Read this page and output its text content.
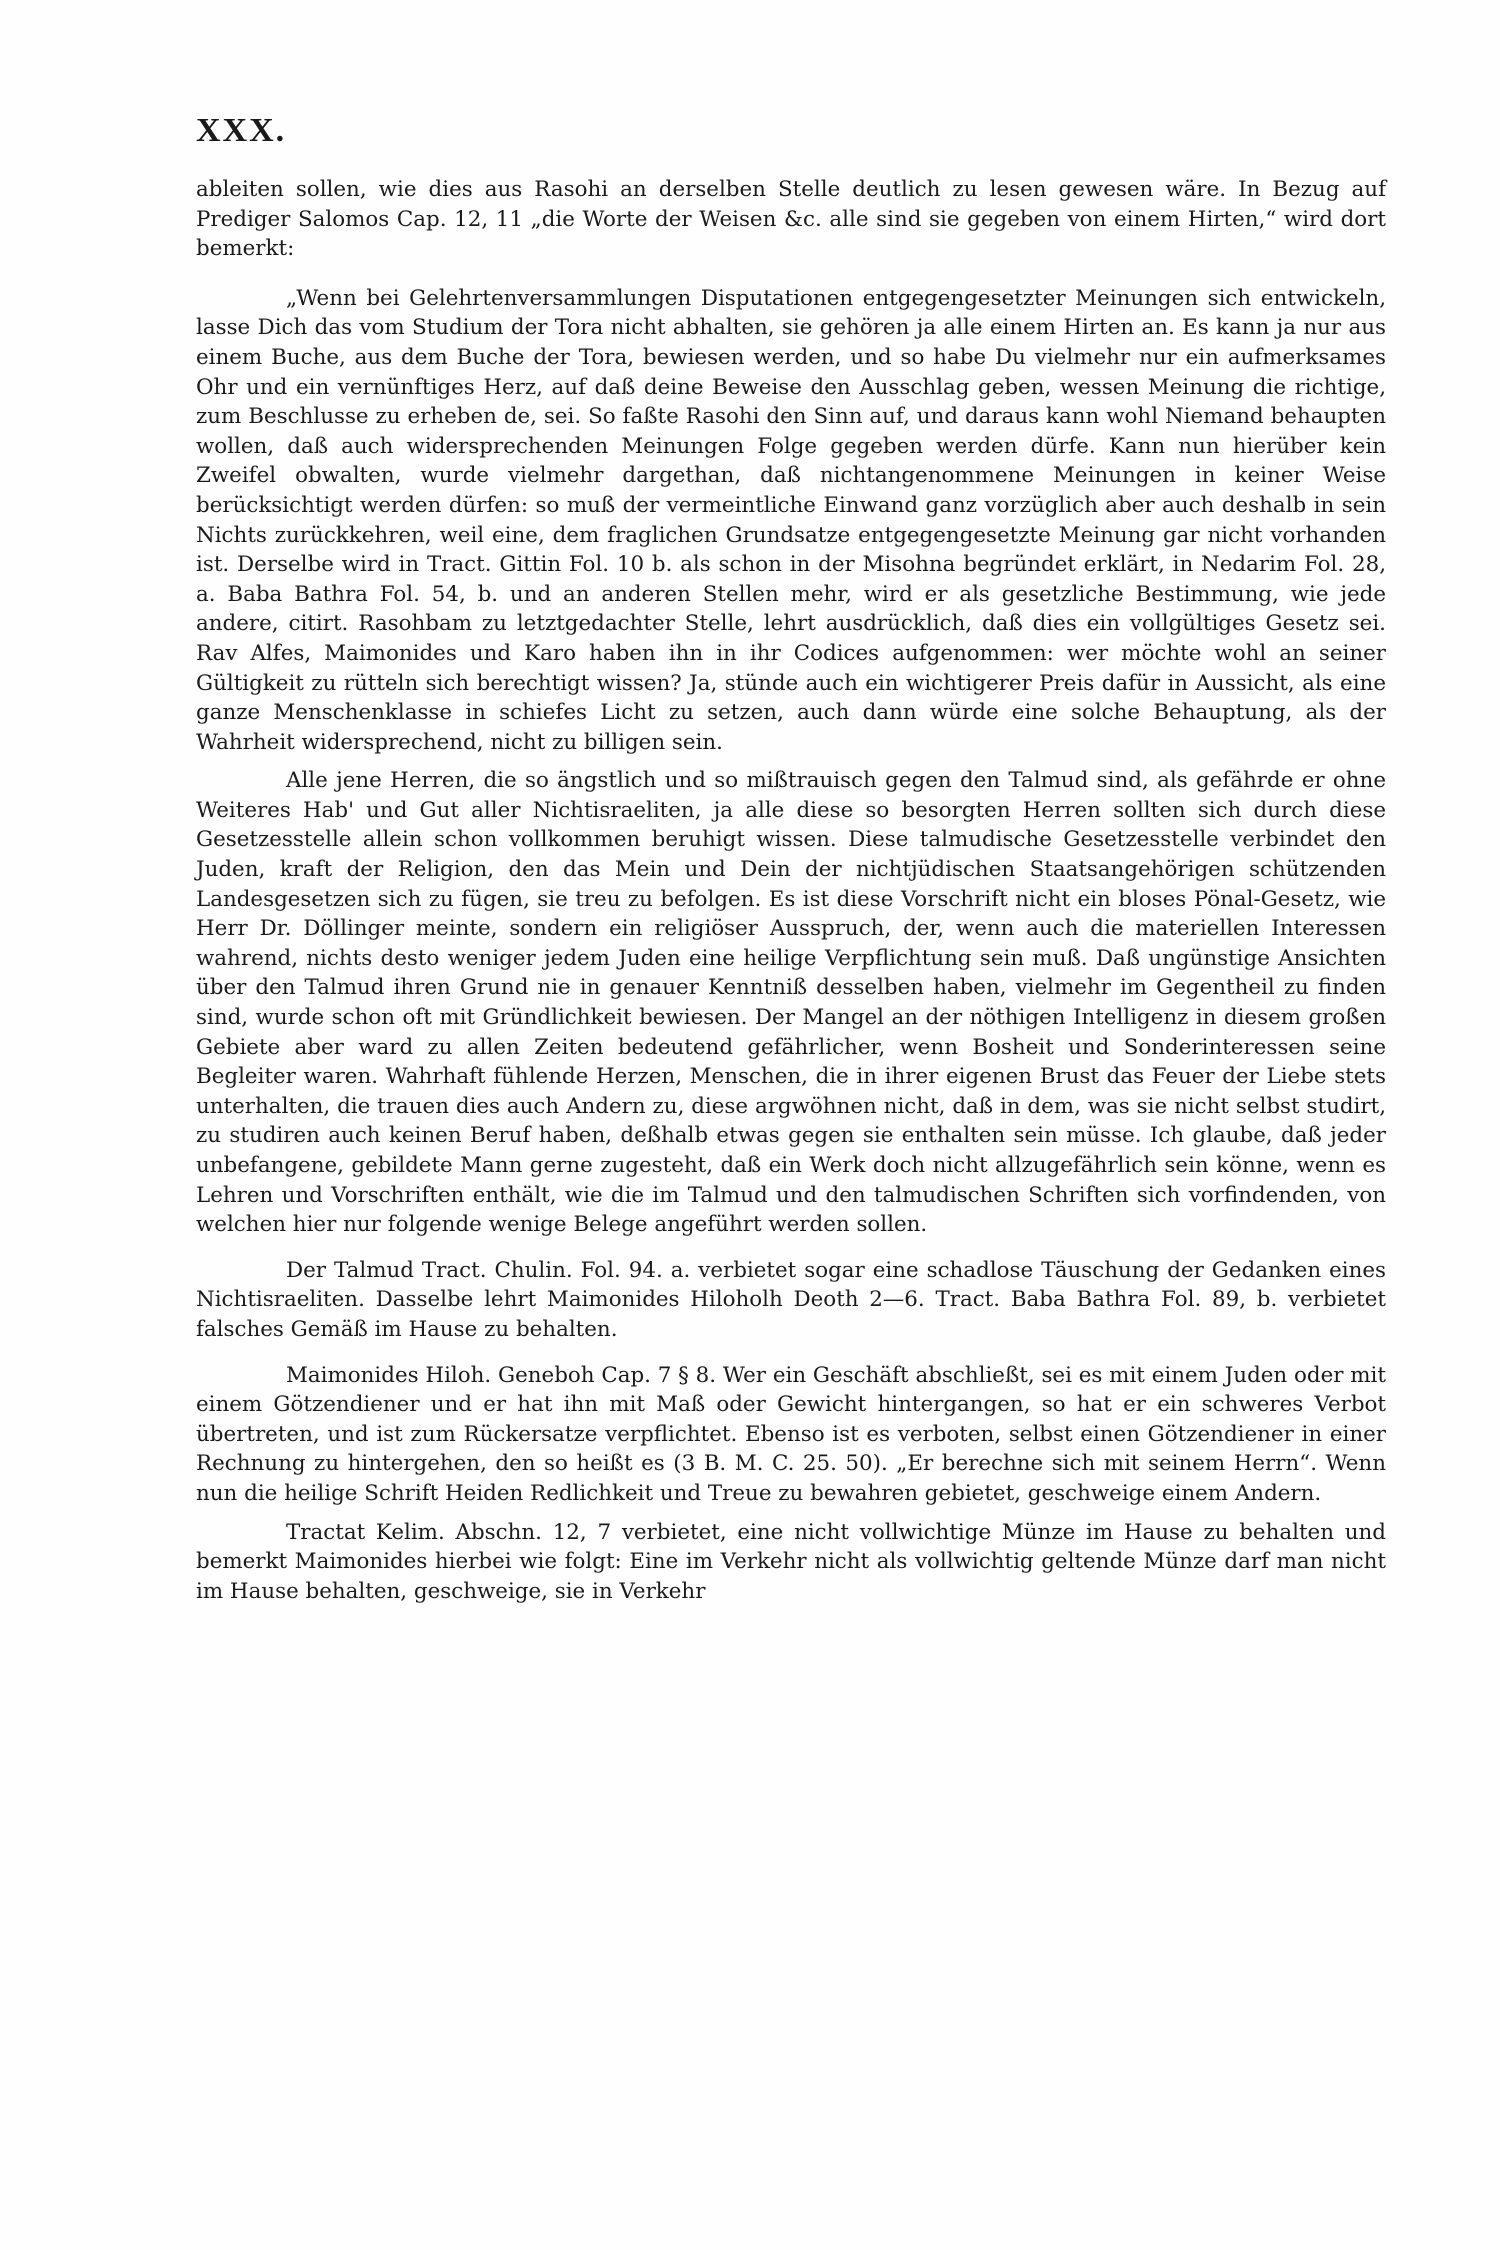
XXX.

ableiten sollen, wie dies aus Rasohi an derselben Stelle deutlich zu lesen gewesen wäre. In Bezug auf Prediger Salomos Cap. 12, 11 „die Worte der Weisen &c. alle sind sie gegeben von einem Hirten,“ wird dort bemerkt:

„Wenn bei Gelehrtenversammlungen Disputationen entgegengesetzter Meinungen sich entwickeln, lasse Dich das vom Studium der Tora nicht abhalten, sie gehören ja alle einem Hirten an. Es kann ja nur aus einem Buche, aus dem Buche der Tora, bewiesen werden, und so habe Du vielmehr nur ein aufmerksames Ohr und ein vernünftiges Herz, auf daß deine Beweise den Ausschlag geben, wessen Meinung die richtige, zum Beschlusse zu erheben de, sei. So faßte Rasohi den Sinn auf, und daraus kann wohl Niemand behaupten wollen, daß auch widersprechenden Meinungen Folge gegeben werden dürfe. Kann nun hierüber kein Zweifel obwalten, wurde vielmehr dargethan, daß nichtangenommene Meinungen in keiner Weise berücksichtigt werden dürfen: so muß der vermeintliche Einwand ganz vorzüglich aber auch deshalb in sein Nichts zurückkehren, weil eine, dem fraglichen Grundsatze entgegengesetzte Meinung gar nicht vorhanden ist. Derselbe wird in Tract. Gittin Fol. 10 b. als schon in der Misohna begründet erklärt, in Nedarim Fol. 28, a. Baba Bathra Fol. 54, b. und an anderen Stellen mehr, wird er als gesetzliche Bestimmung, wie jede andere, citirt. Rasohbam zu letztgedachter Stelle, lehrt ausdrücklich, daß dies ein vollgültiges Gesetz sei. Rav Alfes, Maimonides und Karo haben ihn in ihr Codices aufgenommen: wer möchte wohl an seiner Gültigkeit zu rütteln sich berechtigt wissen? Ja, stünde auch ein wichtigerer Preis dafür in Aussicht, als eine ganze Menschenklasse in schiefes Licht zu setzen, auch dann würde eine solche Behauptung, als der Wahrheit widersprechend, nicht zu billigen sein.

Alle jene Herren, die so ängstlich und so mißtrauisch gegen den Talmud sind, als gefährde er ohne Weiteres Hab' und Gut aller Nichtisraeliten, ja alle diese so besorgten Herren sollten sich durch diese Gesetzesstelle allein schon vollkommen beruhigt wissen. Diese talmudische Gesetzesstelle verbindet den Juden, kraft der Religion, den das Mein und Dein der nichtjüdischen Staatsangehörigen schützenden Landesgesetzen sich zu fügen, sie treu zu befolgen. Es ist diese Vorschrift nicht ein bloses Pönal-Gesetz, wie Herr Dr. Döllinger meinte, sondern ein religiöser Ausspruch, der, wenn auch die materiellen Interessen wahrend, nichts desto weniger jedem Juden eine heilige Verpflichtung sein muß. Daß ungünstige Ansichten über den Talmud ihren Grund nie in genauer Kenntniß desselben haben, vielmehr im Gegentheil zu finden sind, wurde schon oft mit Gründlichkeit bewiesen. Der Mangel an der nöthigen Intelligenz in diesem großen Gebiete aber ward zu allen Zeiten bedeutend gefährlicher, wenn Bosheit und Sonderinteressen seine Begleiter waren. Wahrhaft fühlende Herzen, Menschen, die in ihrer eigenen Brust das Feuer der Liebe stets unterhalten, die trauen dies auch Andern zu, diese argwöhnen nicht, daß in dem, was sie nicht selbst studirt, zu studiren auch keinen Beruf haben, deßhalb etwas gegen sie enthalten sein müsse. Ich glaube, daß jeder unbefangene, gebildete Mann gerne zugesteht, daß ein Werk doch nicht allzugefährlich sein könne, wenn es Lehren und Vorschriften enthält, wie die im Talmud und den talmudischen Schriften sich vorfindenden, von welchen hier nur folgende wenige Belege angeführt werden sollen.

Der Talmud Tract. Chulin. Fol. 94. a. verbietet sogar eine schadlose Täuschung der Gedanken eines Nichtisraeliten. Dasselbe lehrt Maimonides Hiloholh Deoth 2—6. Tract. Baba Bathra Fol. 89, b. verbietet falsches Gemäß im Hause zu behalten.

Maimonides Hiloh. Geneboh Cap. 7 § 8. Wer ein Geschäft abschließt, sei es mit einem Juden oder mit einem Götzendiener und er hat ihn mit Maß oder Gewicht hintergangen, so hat er ein schweres Verbot übertreten, und ist zum Rückersatze verpflichtet. Ebenso ist es verboten, selbst einen Götzendiener in einer Rechnung zu hintergehen, den so heißt es (3 B. M. C. 25. 50). „Er berechne sich mit seinem Herrn“. Wenn nun die heilige Schrift Heiden Redlichkeit und Treue zu bewahren gebietet, geschweige einem Andern.

Tractat Kelim. Abschn. 12, 7 verbietet, eine nicht vollwichtige Münze im Hause zu behalten und bemerkt Maimonides hierbei wie folgt: Eine im Verkehr nicht als vollwichtig geltende Münze darf man nicht im Hause behalten, geschweige, sie in Verkehr
